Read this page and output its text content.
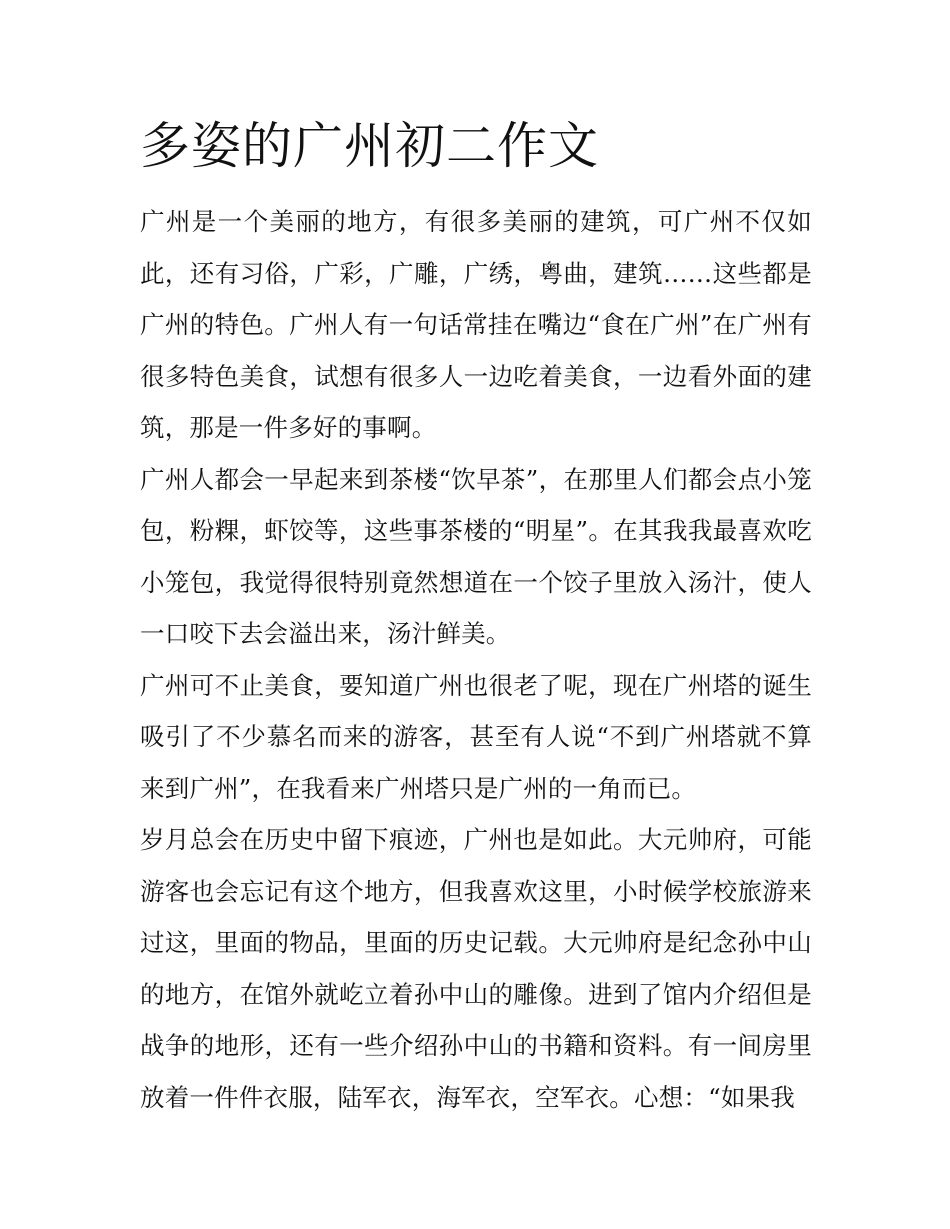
多姿的广州初二作文

广州是一个美丽的地方，有很多美丽的建筑，可广州不仅如此，还有习俗，广彩，广雕，广绣，粤曲，建筑……这些都是广州的特色。广州人有一句话常挂在嘴边“食在广州”在广州有很多特色美食，试想有很多人一边吃着美食，一边看外面的建筑，那是一件多好的事啊。

广州人都会一早起来到茶楼“饮早茶”，在那里人们都会点小笼包，粉粿，虾饺等，这些事茶楼的“明星”。在其我我最喜欢吃小笼包，我觉得很特别竟然想道在一个饺子里放入汤汁，使人一口咬下去会溢出来，汤汁鲜美。

广州可不止美食，要知道广州也很老了呢，现在广州塔的诞生吸引了不少慕名而来的游客，甚至有人说“不到广州塔就不算来到广州”，在我看来广州塔只是广州的一角而已。

岁月总会在历史中留下痕迹，广州也是如此。大元帅府，可能游客也会忘记有这个地方，但我喜欢这里，小时候学校旅游来过这，里面的物品，里面的历史记载。大元帅府是纪念孙中山的地方，在馆外就屹立着孙中山的雕像。进到了馆内介绍但是战争的地形，还有一些介绍孙中山的书籍和资料。有一间房里放着一件件衣服，陆军衣，海军衣，空军衣。心想：“如果我
